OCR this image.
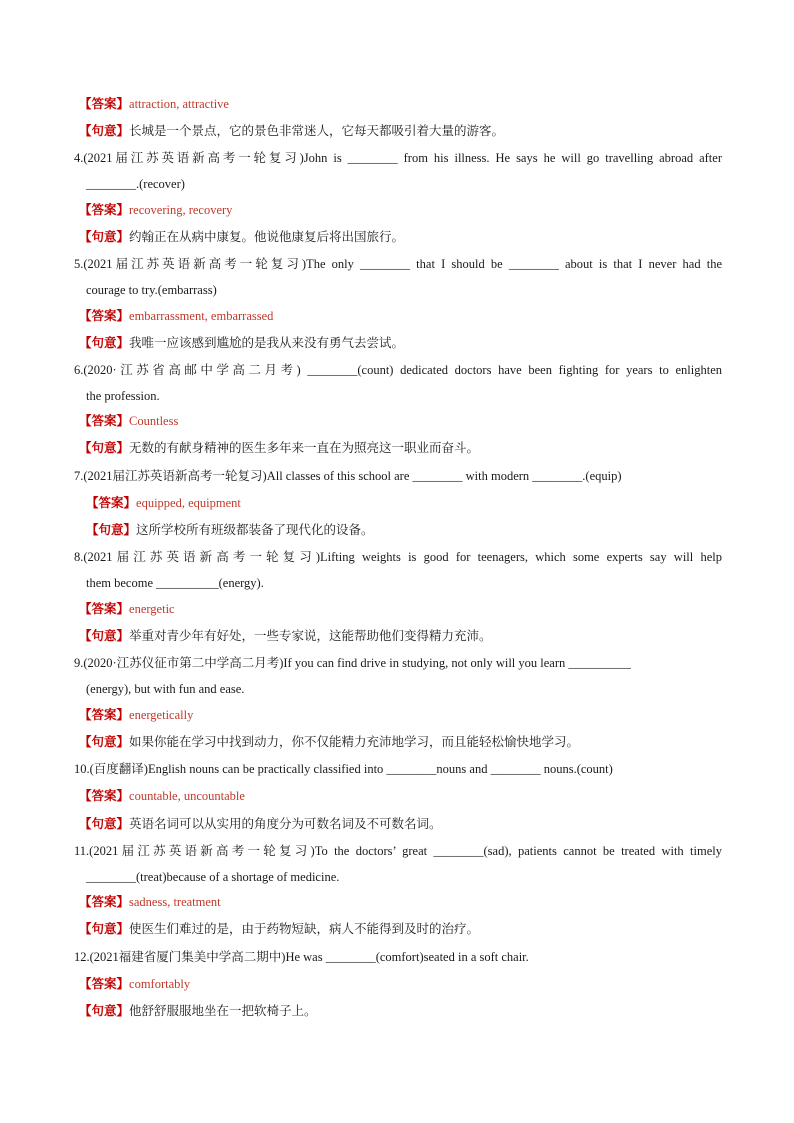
【答案】attraction, attractive
【句意】长城是一个景点，它的景色非常迷人，它每天都吸引着大量的游客。
4.(2021届江苏英语新高考一轮复习)John is ________ from his illness. He says he will go travelling abroad after
________.(recover)
【答案】recovering, recovery
【句意】约翰正在从病中康复。他说他康复后将出国旅行。
5.(2021届江苏英语新高考一轮复习)The only ________ that I should be ________ about is that I never had the
courage to try.(embarrass)
【答案】embarrassment, embarrassed
【句意】我唯一应该感到尴尬的是我从来没有勇气去尝试。
6.(2020·江苏省高邮中学高二月考) ________(count) dedicated doctors have been fighting for years to enlighten
the profession.
【答案】Countless
【句意】无数的有献身精神的医生多年来一直在为照亮这一职业而奋斗。
7.(2021届江苏英语新高考一轮复习)All classes of this school are ________ with modern ________.(equip)
【答案】equipped, equipment
【句意】这所学校所有班级都装备了现代化的设备。
8.(2021届江苏英语新高考一轮复习)Lifting weights is good for teenagers, which some experts say will help
them become __________(energy).
【答案】energetic
【句意】举重对青少年有好处，一些专家说，这能帮助他们变得精力充沛。
9.(2020·江苏仪征市第二中学高二月考)If you can find drive in studying, not only will you learn __________
(energy), but with fun and ease.
【答案】energetically
【句意】如果你能在学习中找到动力，你不仅能精力充沛地学习，而且能轻松愉快地学习。
10.(百度翻译)English nouns can be practically classified into ________nouns and ________ nouns.(count)
【答案】countable, uncountable
【句意】英语名词可以从实用的角度分为可数名词及不可数名词。
11.(2021届江苏英语新高考一轮复习)To the doctors’ great ________(sad), patients cannot be treated with timely
________(treat)because of a shortage of medicine.
【答案】sadness, treatment
【句意】使医生们难过的是，由于药物短缺，病人不能得到及时的治疗。
12.(2021福建省厦门集美中学高二期中)He was ________(comfort)seated in a soft chair.
【答案】comfortably
【句意】他舒舒服服地坐在一把软椅子上。
